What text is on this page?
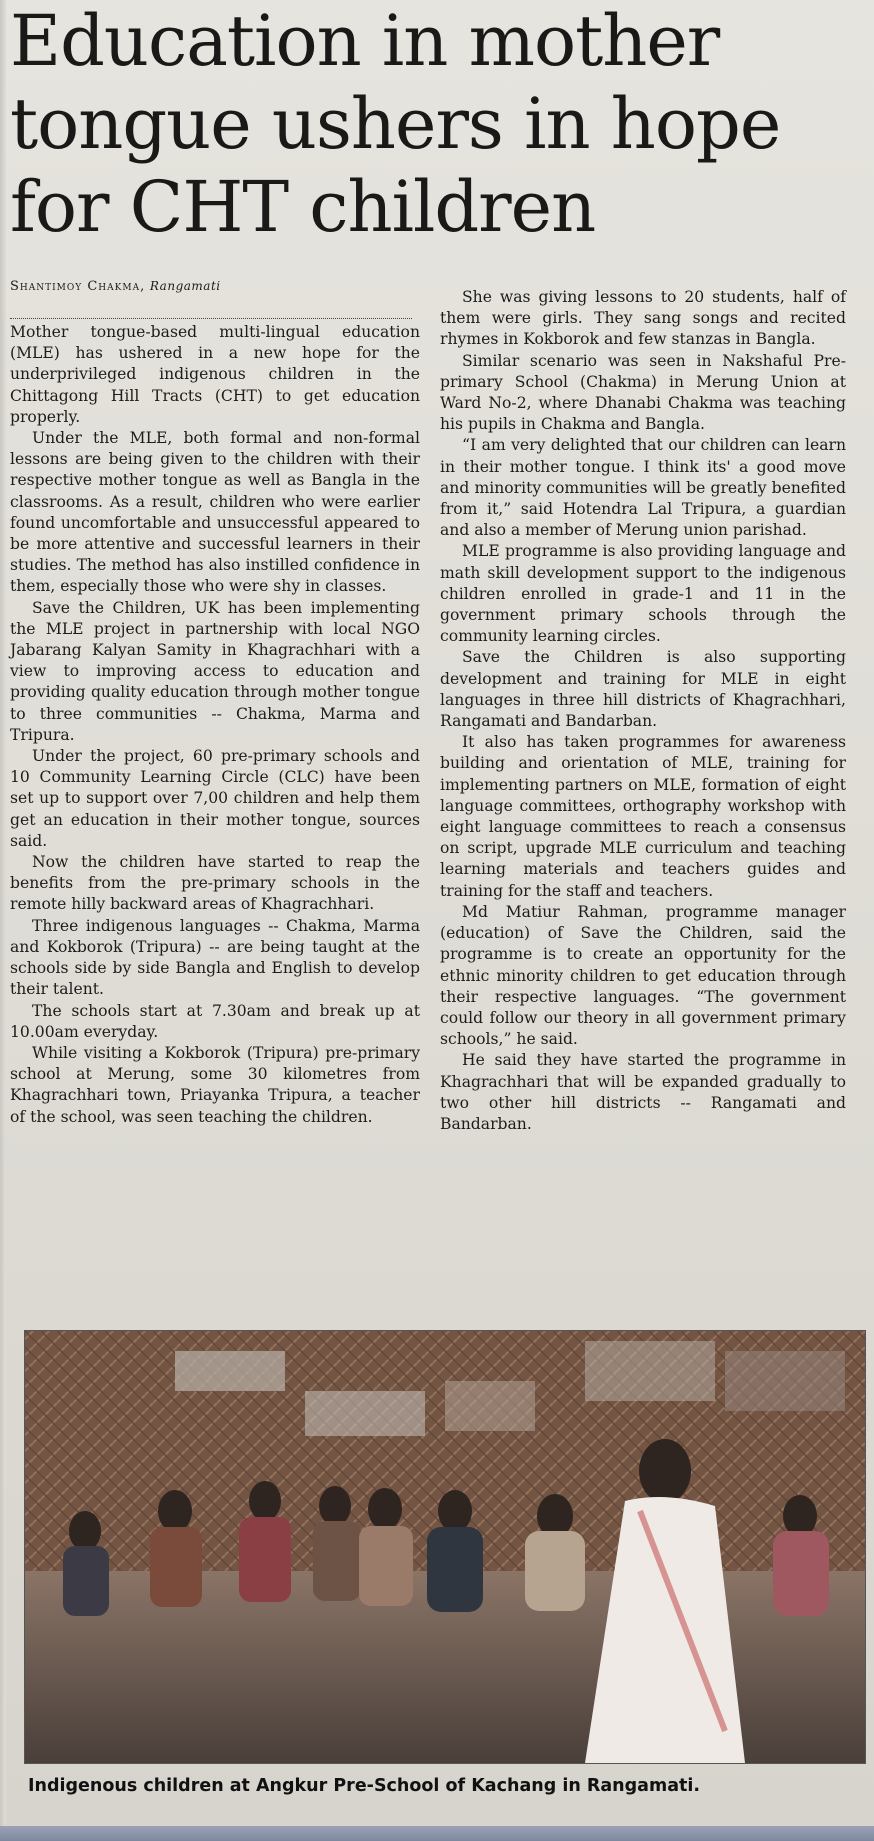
Education in mother
tongue ushers in hope
for CHT children
Shantimoy Chakma, Rangamati

Mother tongue-based multi-lingual education (MLE) has ushered in a new hope for the underprivileged indigenous children in the Chittagong Hill Tracts (CHT) to get education properly.

Under the MLE, both formal and non-formal lessons are being given to the children with their respective mother tongue as well as Bangla in the classrooms. As a result, children who were earlier found uncomfortable and unsuccessful appeared to be more attentive and successful learners in their studies. The method has also instilled confidence in them, especially those who were shy in classes.

Save the Children, UK has been implementing the MLE project in partnership with local NGO Jabarang Kalyan Samity in Khagrachhari with a view to improving access to education and providing quality education through mother tongue to three communities -- Chakma, Marma and Tripura.

Under the project, 60 pre-primary schools and 10 Community Learning Circle (CLC) have been set up to support over 7,00 children and help them get an education in their mother tongue, sources said.

Now the children have started to reap the benefits from the pre-primary schools in the remote hilly backward areas of Khagrachhari.

Three indigenous languages -- Chakma, Marma and Kokborok (Tripura) -- are being taught at the schools side by side Bangla and English to develop their talent.

The schools start at 7.30am and break up at 10.00am everyday.

While visiting a Kokborok (Tripura) pre-primary school at Merung, some 30 kilometres from Khagrachhari town, Priayanka Tripura, a teacher of the school, was seen teaching the children.

She was giving lessons to 20 students, half of them were girls. They sang songs and recited rhymes in Kokborok and few stanzas in Bangla.

Similar scenario was seen in Nakshaful Pre-primary School (Chakma) in Merung Union at Ward No-2, where Dhanabi Chakma was teaching his pupils in Chakma and Bangla.

“I am very delighted that our children can learn in their mother tongue. I think its' a good move and minority communities will be greatly benefited from it,” said Hotendra Lal Tripura, a guardian and also a member of Merung union parishad.

MLE programme is also providing language and math skill development support to the indigenous children enrolled in grade-1 and 11 in the government primary schools through the community learning circles.

Save the Children is also supporting development and training for MLE in eight languages in three hill districts of Khagrachhari, Rangamati and Bandarban.

It also has taken programmes for awareness building and orientation of MLE, training for implementing partners on MLE, formation of eight language committees, orthography workshop with eight language committees to reach a consensus on script, upgrade MLE curriculum and teaching learning materials and teachers guides and training for the staff and teachers.

Md Matiur Rahman, programme manager (education) of Save the Children, said the programme is to create an opportunity for the ethnic minority children to get education through their respective languages. “The government could follow our theory in all government primary schools,” he said.

He said they have started the programme in Khagrachhari that will be expanded gradually to two other hill districts -- Rangamati and Bandarban.

Indigenous children at Angkur Pre-School of Kachang in Rangamati.
